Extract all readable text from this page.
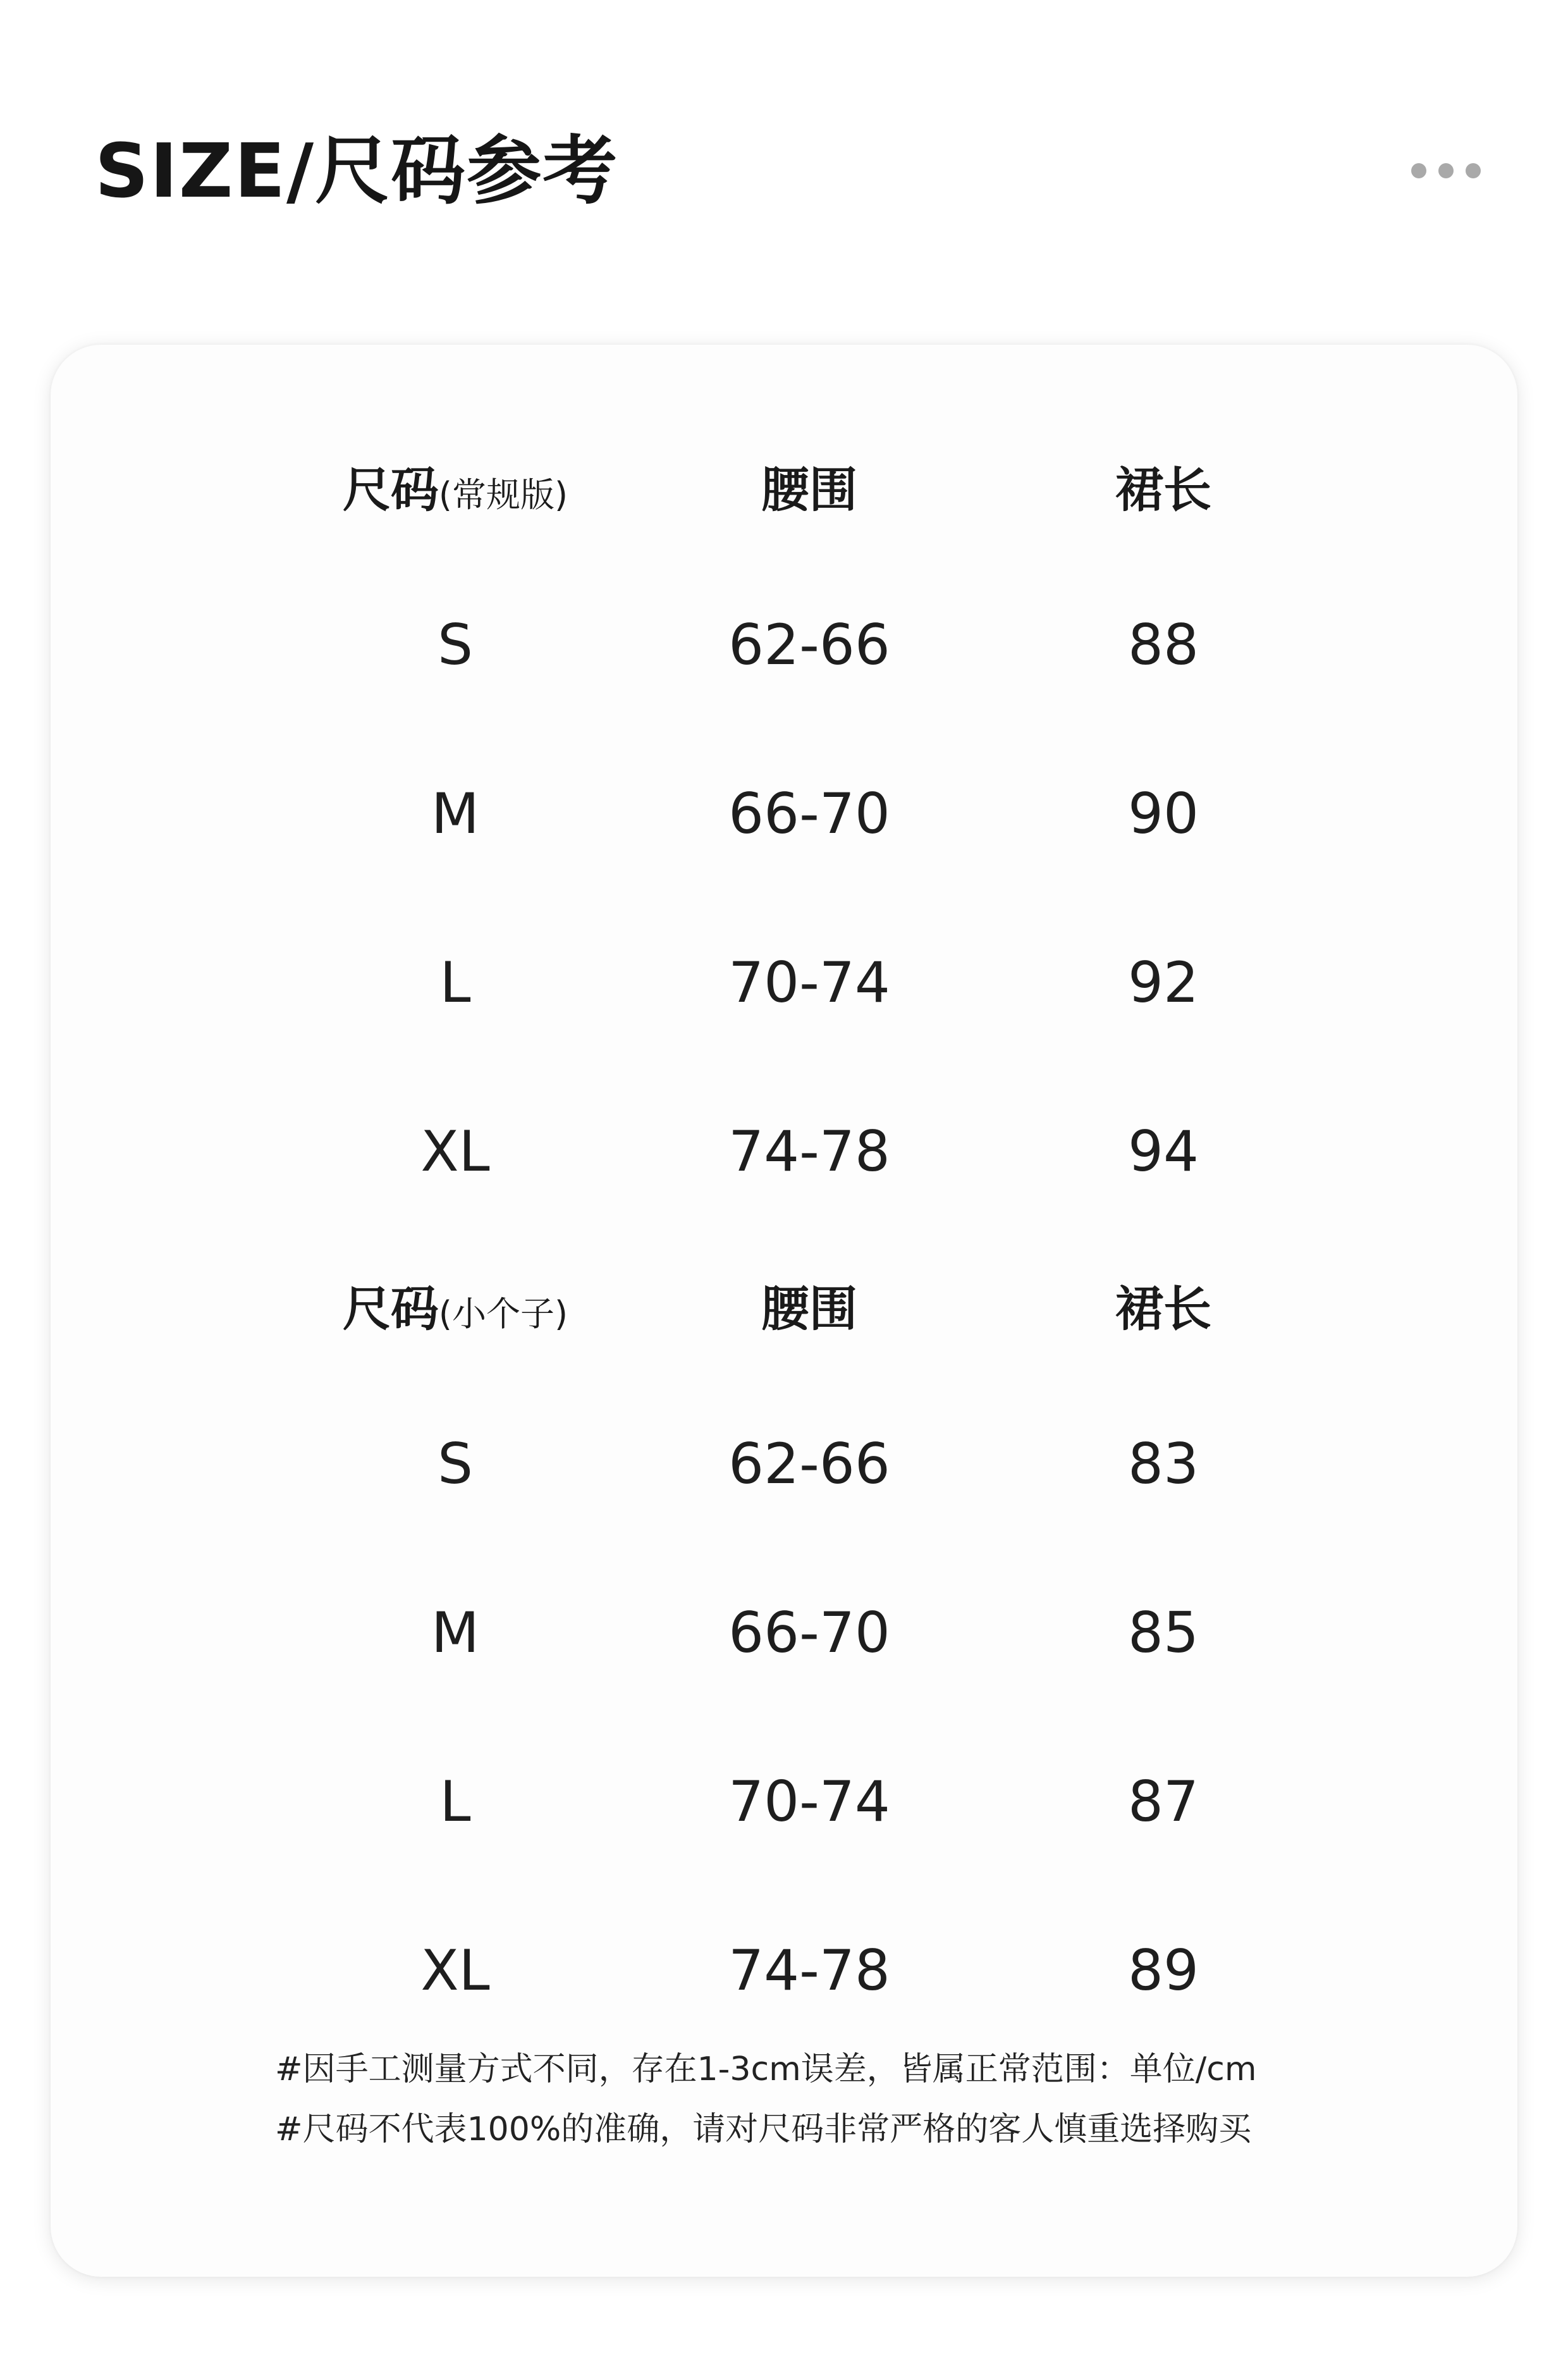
SIZE/尺码参考
尺码(常规版)	腰围	裙长
S	62-66	88
M	66-70	90
L	70-74	92
XL	74-78	94
尺码(小个子)	腰围	裙长
S	62-66	83
M	66-70	85
L	70-74	87
XL	74-78	89
#因手工测量方式不同，存在1-3cm误差，皆属正常范围：单位/cm
#尺码不代表100%的准确，请对尺码非常严格的客人慎重选择购买
